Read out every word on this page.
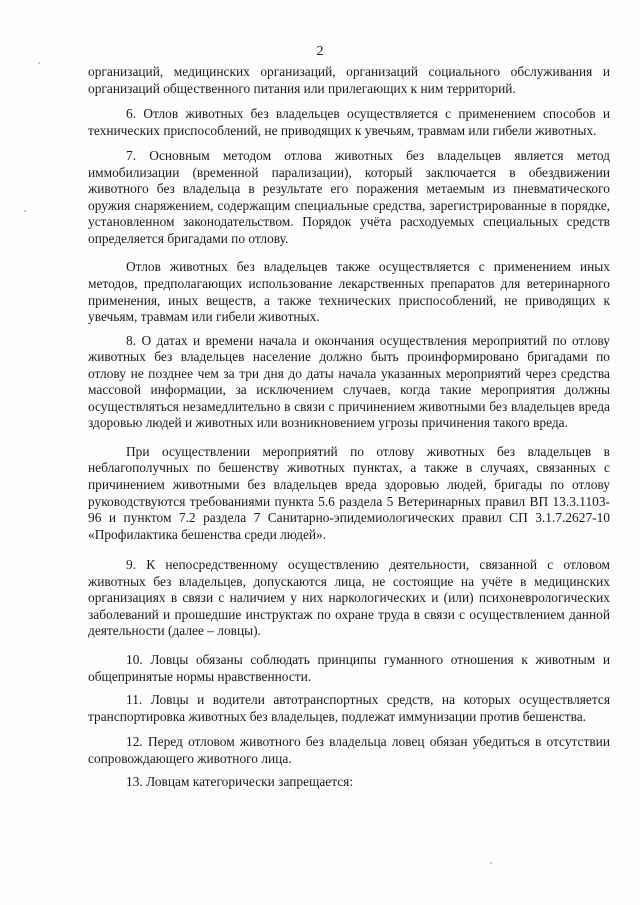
2

организаций, медицинских организаций, организаций социального обслуживания и организаций общественного питания или прилегающих к ним территорий.

6. Отлов животных без владельцев осуществляется с применением способов и технических приспособлений, не приводящих к увечьям, травмам или гибели животных.

7. Основным методом отлова животных без владельцев является метод иммобилизации (временной парализации), который заключается в обездвижении животного без владельца в результате его поражения метаемым из пневматического оружия снаряжением, содержащим специальные средства, зарегистрированные в порядке, установленном законодательством. Порядок учёта расходуемых специальных средств определяется бригадами по отлову.

Отлов животных без владельцев также осуществляется с применением иных методов, предполагающих использование лекарственных препаратов для ветеринарного применения, иных веществ, а также технических приспособлений, не приводящих к увечьям, травмам или гибели животных.

8. О датах и времени начала и окончания осуществления мероприятий по отлову животных без владельцев население должно быть проинформировано бригадами по отлову не позднее чем за три дня до даты начала указанных мероприятий через средства массовой информации, за исключением случаев, когда такие мероприятия должны осуществляться незамедлительно в связи с причинением животными без владельцев вреда здоровью людей и животных или возникновением угрозы причинения такого вреда.

При осуществлении мероприятий по отлову животных без владельцев в неблагополучных по бешенству животных пунктах, а также в случаях, связанных с причинением животными без владельцев вреда здоровью людей, бригады по отлову руководствуются требованиями пункта 5.6 раздела 5 Ветеринарных правил ВП 13.3.1103-96 и пунктом 7.2 раздела 7 Санитарно-эпидемиологических правил СП 3.1.7.2627-10 «Профилактика бешенства среди людей».

9. К непосредственному осуществлению деятельности, связанной с отловом животных без владельцев, допускаются лица, не состоящие на учёте в медицинских организациях в связи с наличием у них наркологических и (или) психоневрологических заболеваний и прошедшие инструктаж по охране труда в связи с осуществлением данной деятельности (далее – ловцы).

10. Ловцы обязаны соблюдать принципы гуманного отношения к животным и общепринятые нормы нравственности.

11. Ловцы и водители автотранспортных средств, на которых осуществляется транспортировка животных без владельцев, подлежат иммунизации против бешенства.

12. Перед отловом животного без владельца ловец обязан убедиться в отсутствии сопровождающего животного лица.

13. Ловцам категорически запрещается:
